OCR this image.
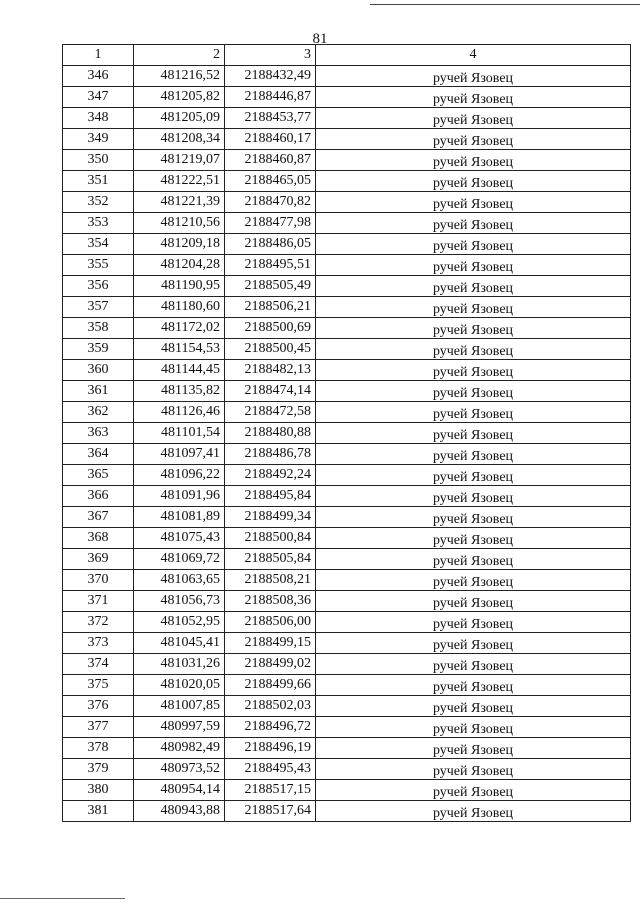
81
1	2	3	4
346	481216,52	2188432,49	ручей Язовец
347	481205,82	2188446,87	ручей Язовец
348	481205,09	2188453,77	ручей Язовец
349	481208,34	2188460,17	ручей Язовец
350	481219,07	2188460,87	ручей Язовец
351	481222,51	2188465,05	ручей Язовец
352	481221,39	2188470,82	ручей Язовец
353	481210,56	2188477,98	ручей Язовец
354	481209,18	2188486,05	ручей Язовец
355	481204,28	2188495,51	ручей Язовец
356	481190,95	2188505,49	ручей Язовец
357	481180,60	2188506,21	ручей Язовец
358	481172,02	2188500,69	ручей Язовец
359	481154,53	2188500,45	ручей Язовец
360	481144,45	2188482,13	ручей Язовец
361	481135,82	2188474,14	ручей Язовец
362	481126,46	2188472,58	ручей Язовец
363	481101,54	2188480,88	ручей Язовец
364	481097,41	2188486,78	ручей Язовец
365	481096,22	2188492,24	ручей Язовец
366	481091,96	2188495,84	ручей Язовец
367	481081,89	2188499,34	ручей Язовец
368	481075,43	2188500,84	ручей Язовец
369	481069,72	2188505,84	ручей Язовец
370	481063,65	2188508,21	ручей Язовец
371	481056,73	2188508,36	ручей Язовец
372	481052,95	2188506,00	ручей Язовец
373	481045,41	2188499,15	ручей Язовец
374	481031,26	2188499,02	ручей Язовец
375	481020,05	2188499,66	ручей Язовец
376	481007,85	2188502,03	ручей Язовец
377	480997,59	2188496,72	ручей Язовец
378	480982,49	2188496,19	ручей Язовец
379	480973,52	2188495,43	ручей Язовец
380	480954,14	2188517,15	ручей Язовец
381	480943,88	2188517,64	ручей Язовец
